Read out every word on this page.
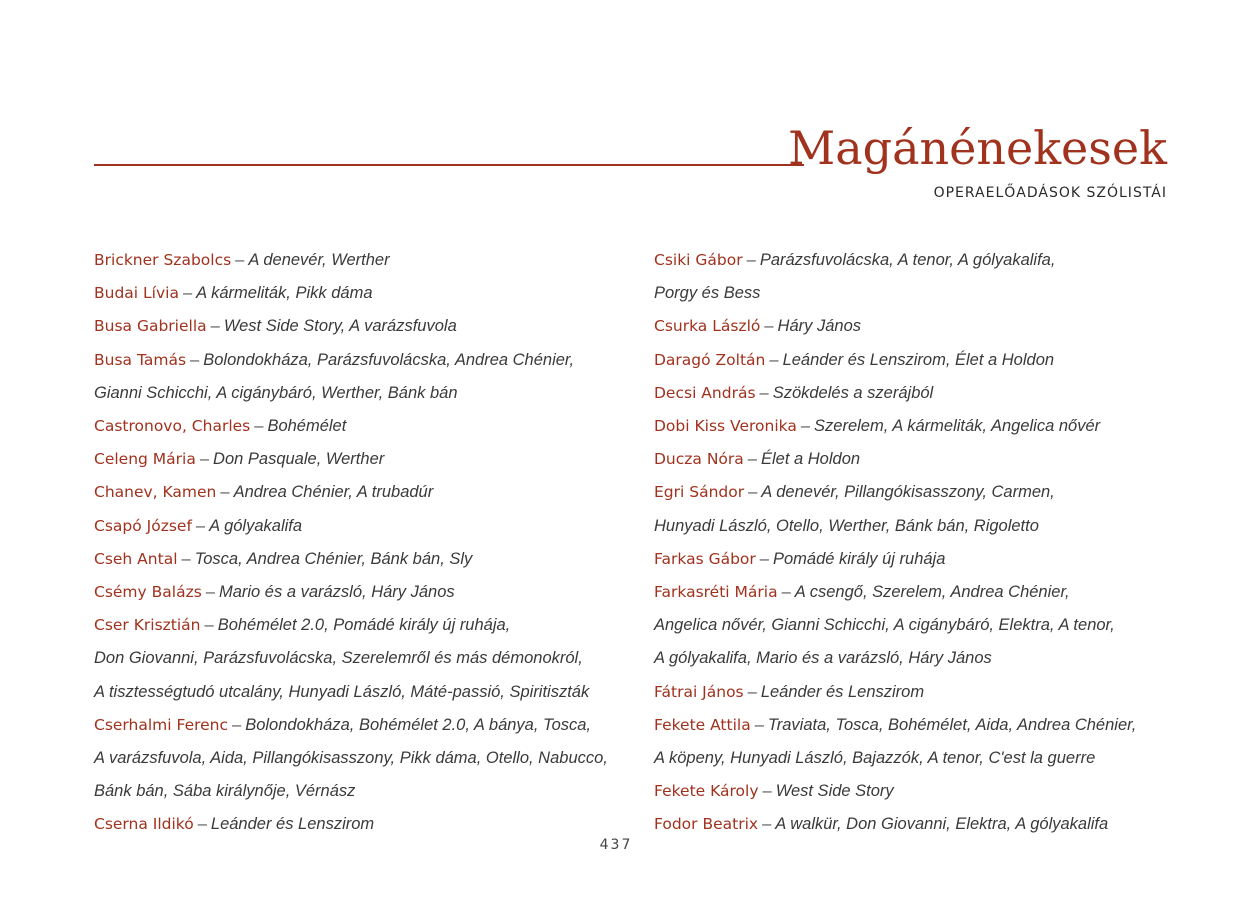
Magánénekesek
OPERAELŐADÁSOK SZÓLISTÁI
Brickner Szabolcs – A denevér, Werther
Budai Lívia – A kármeliták, Pikk dáma
Busa Gabriella – West Side Story, A varázsfuvola
Busa Tamás – Bolondokháza, Parázsfuvolácska, Andrea Chénier,
Gianni Schicchi, A cigánybáró, Werther, Bánk bán
Castronovo, Charles – Bohémélet
Celeng Mária – Don Pasquale, Werther
Chanev, Kamen – Andrea Chénier, A trubadúr
Csapó József – A gólyakalifa
Cseh Antal – Tosca, Andrea Chénier, Bánk bán, Sly
Csémy Balázs – Mario és a varázsló, Háry János
Cser Krisztián – Bohémélet 2.0, Pomádé király új ruhája,
Don Giovanni, Parázsfuvolácska, Szerelemről és más démonokról,
A tisztességtudó utcalány, Hunyadi László, Máté-passió, Spiritiszták
Cserhalmi Ferenc – Bolondokháza, Bohémélet 2.0, A bánya, Tosca,
A varázsfuvola, Aida, Pillangókisasszony, Pikk dáma, Otello, Nabucco,
Bánk bán, Sába királynője, Vérnász
Cserna Ildikó – Leánder és Lenszirom
Csiki Gábor – Parázsfuvolácska, A tenor, A gólyakalifa,
Porgy és Bess
Csurka László – Háry János
Daragó Zoltán – Leánder és Lenszirom, Élet a Holdon
Decsi András – Szökdelés a szerájból
Dobi Kiss Veronika – Szerelem, A kármeliták, Angelica nővér
Ducza Nóra – Élet a Holdon
Egri Sándor – A denevér, Pillangókisasszony, Carmen,
Hunyadi László, Otello, Werther, Bánk bán, Rigoletto
Farkas Gábor – Pomádé király új ruhája
Farkasréti Mária – A csengő, Szerelem, Andrea Chénier,
Angelica nővér, Gianni Schicchi, A cigánybáró, Elektra, A tenor,
A gólyakalifa, Mario és a varázsló, Háry János
Fátrai János – Leánder és Lenszirom
Fekete Attila – Traviata, Tosca, Bohémélet, Aida, Andrea Chénier,
A köpeny, Hunyadi László, Bajazzók, A tenor, C'est la guerre
Fekete Károly – West Side Story
Fodor Beatrix – A walkür, Don Giovanni, Elektra, A gólyakalifa
437
